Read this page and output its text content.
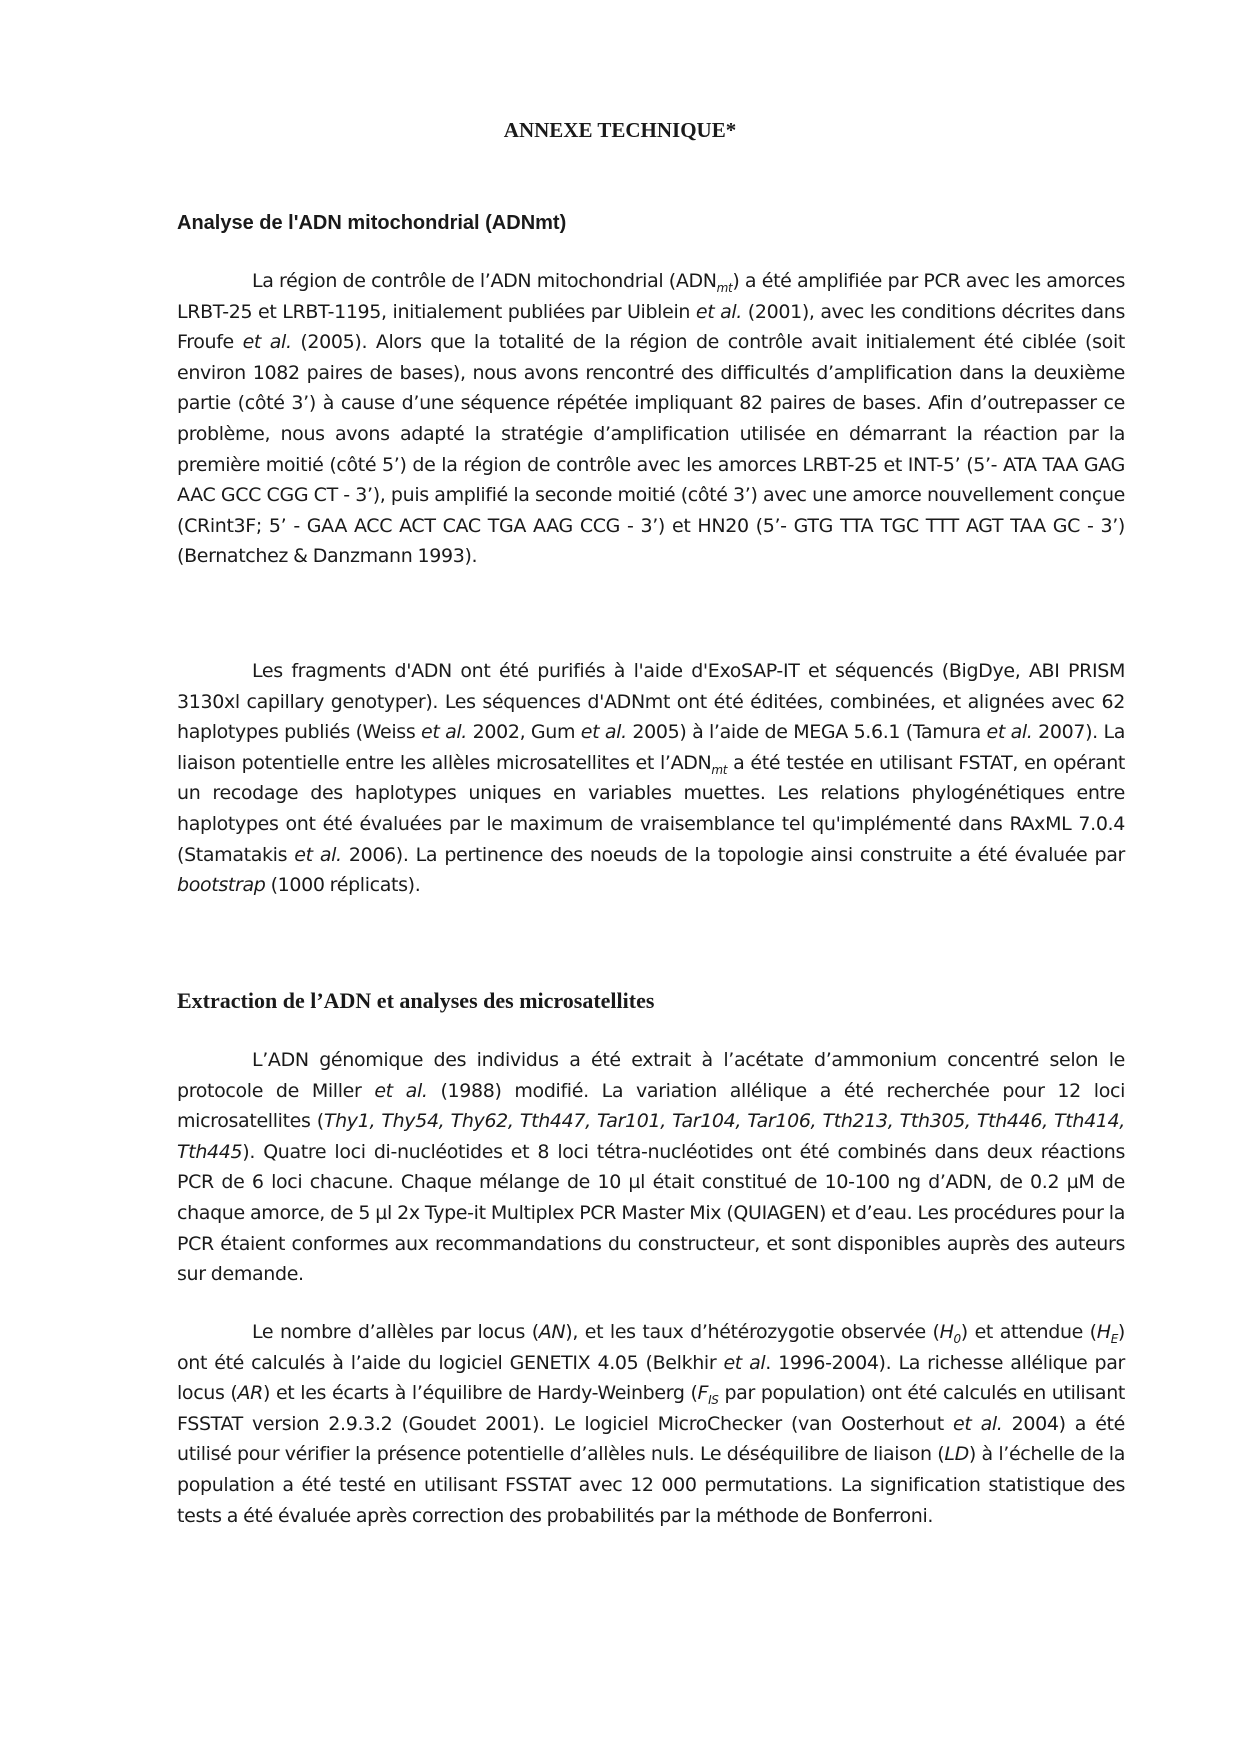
ANNEXE TECHNIQUE*
Analyse de l'ADN mitochondrial (ADNmt)

La région de contrôle de l’ADN mitochondrial $(ADN_{mt})$ a été amplifiée par PCR avec les amorces LRBT-25 et LRBT-1195, initialement publiées par Uiblein et al. (2001), avec les conditions décrites dans Froufe et al. (2005). Alors que la totalité de la région de contrôle avait initialement été ciblée (soit environ 1082 paires de bases), nous avons rencontré des difficultés d’amplification dans la deuxième partie (côté 3’) à cause d’une séquence répétée impliquant 82 paires de bases. Afin d’outrepasser ce problème, nous avons adapté la stratégie d’amplification utilisée en démarrant la réaction par la première moitié (côté 5’) de la région de contrôle avec les amorces LRBT-25 et INT-5’ (5’- ATA TAA GAG AAC GCC CGG CT - 3’), puis amplifié la seconde moitié (côté 3’) avec une amorce nouvellement conçue (CRint3F; 5’ - GAA ACC ACT CAC TGA AAG CCG - 3’) et HN20 (5’- GTG TTA TGC TTT AGT TAA GC - 3’) (Bernatchez & Danzmann 1993).

Les fragments d'ADN ont été purifiés à l'aide d'ExoSAP-IT et séquencés (BigDye, ABI PRISM 3130xl capillary genotyper). Les séquences d'ADNmt ont été éditées, combinées, et alignées avec 62 haplotypes publiés (Weiss et al. 2002, Gum et al. 2005) à l’aide de MEGA 5.6.1 (Tamura et al. 2007). La liaison potentielle entre les allèles microsatellites et $l’ADN_{mt}$ a été testée en utilisant FSTAT, en opérant un recodage des haplotypes uniques en variables muettes. Les relations phylogénétiques entre haplotypes ont été évaluées par le maximum de vraisemblance tel qu'implémenté dans RAxML 7.0.4 (Stamatakis et al. 2006). La pertinence des noeuds de la topologie ainsi construite a été évaluée par bootstrap (1000 réplicats).

Extraction de l’ADN et analyses des microsatellites

L’ADN génomique des individus a été extrait à l’acétate d’ammonium concentré selon le protocole de Miller et al. (1988) modifié. La variation allélique a été recherchée pour 12 loci microsatellites (Thy1, Thy54, Thy62, Tth447, Tar101, Tar104, Tar106, Tth213, Tth305, Tth446, Tth414, Tth445). Quatre loci di-nucléotides et 8 loci tétra-nucléotides ont été combinés dans deux réactions PCR de 6 loci chacune. Chaque mélange de 10 µl était constitué de 10-100 ng d’ADN, de 0.2 µM de chaque amorce, de 5 µl 2x Type-it Multiplex PCR Master Mix (QUIAGEN) et d’eau. Les procédures pour la PCR étaient conformes aux recommandations du constructeur, et sont disponibles auprès des auteurs sur demande.

Le nombre d’allèles par locus (AN), et les taux d’hétérozygotie observée $(H_0)$ et attendue $(H_E)$ ont été calculés à l’aide du logiciel GENETIX 4.05 (Belkhir et al. 1996-2004). La richesse allélique par locus (AR) et les écarts à l’équilibre de Hardy-Weinberg ($F_{IS}$ par population) ont été calculés en utilisant FSSTAT version 2.9.3.2 (Goudet 2001). Le logiciel MicroChecker (van Oosterhout et al. 2004) a été utilisé pour vérifier la présence potentielle d’allèles nuls. Le déséquilibre de liaison (LD) à l’échelle de la population a été testé en utilisant FSSTAT avec 12 000 permutations. La signification statistique des tests a été évaluée après correction des probabilités par la méthode de Bonferroni.
